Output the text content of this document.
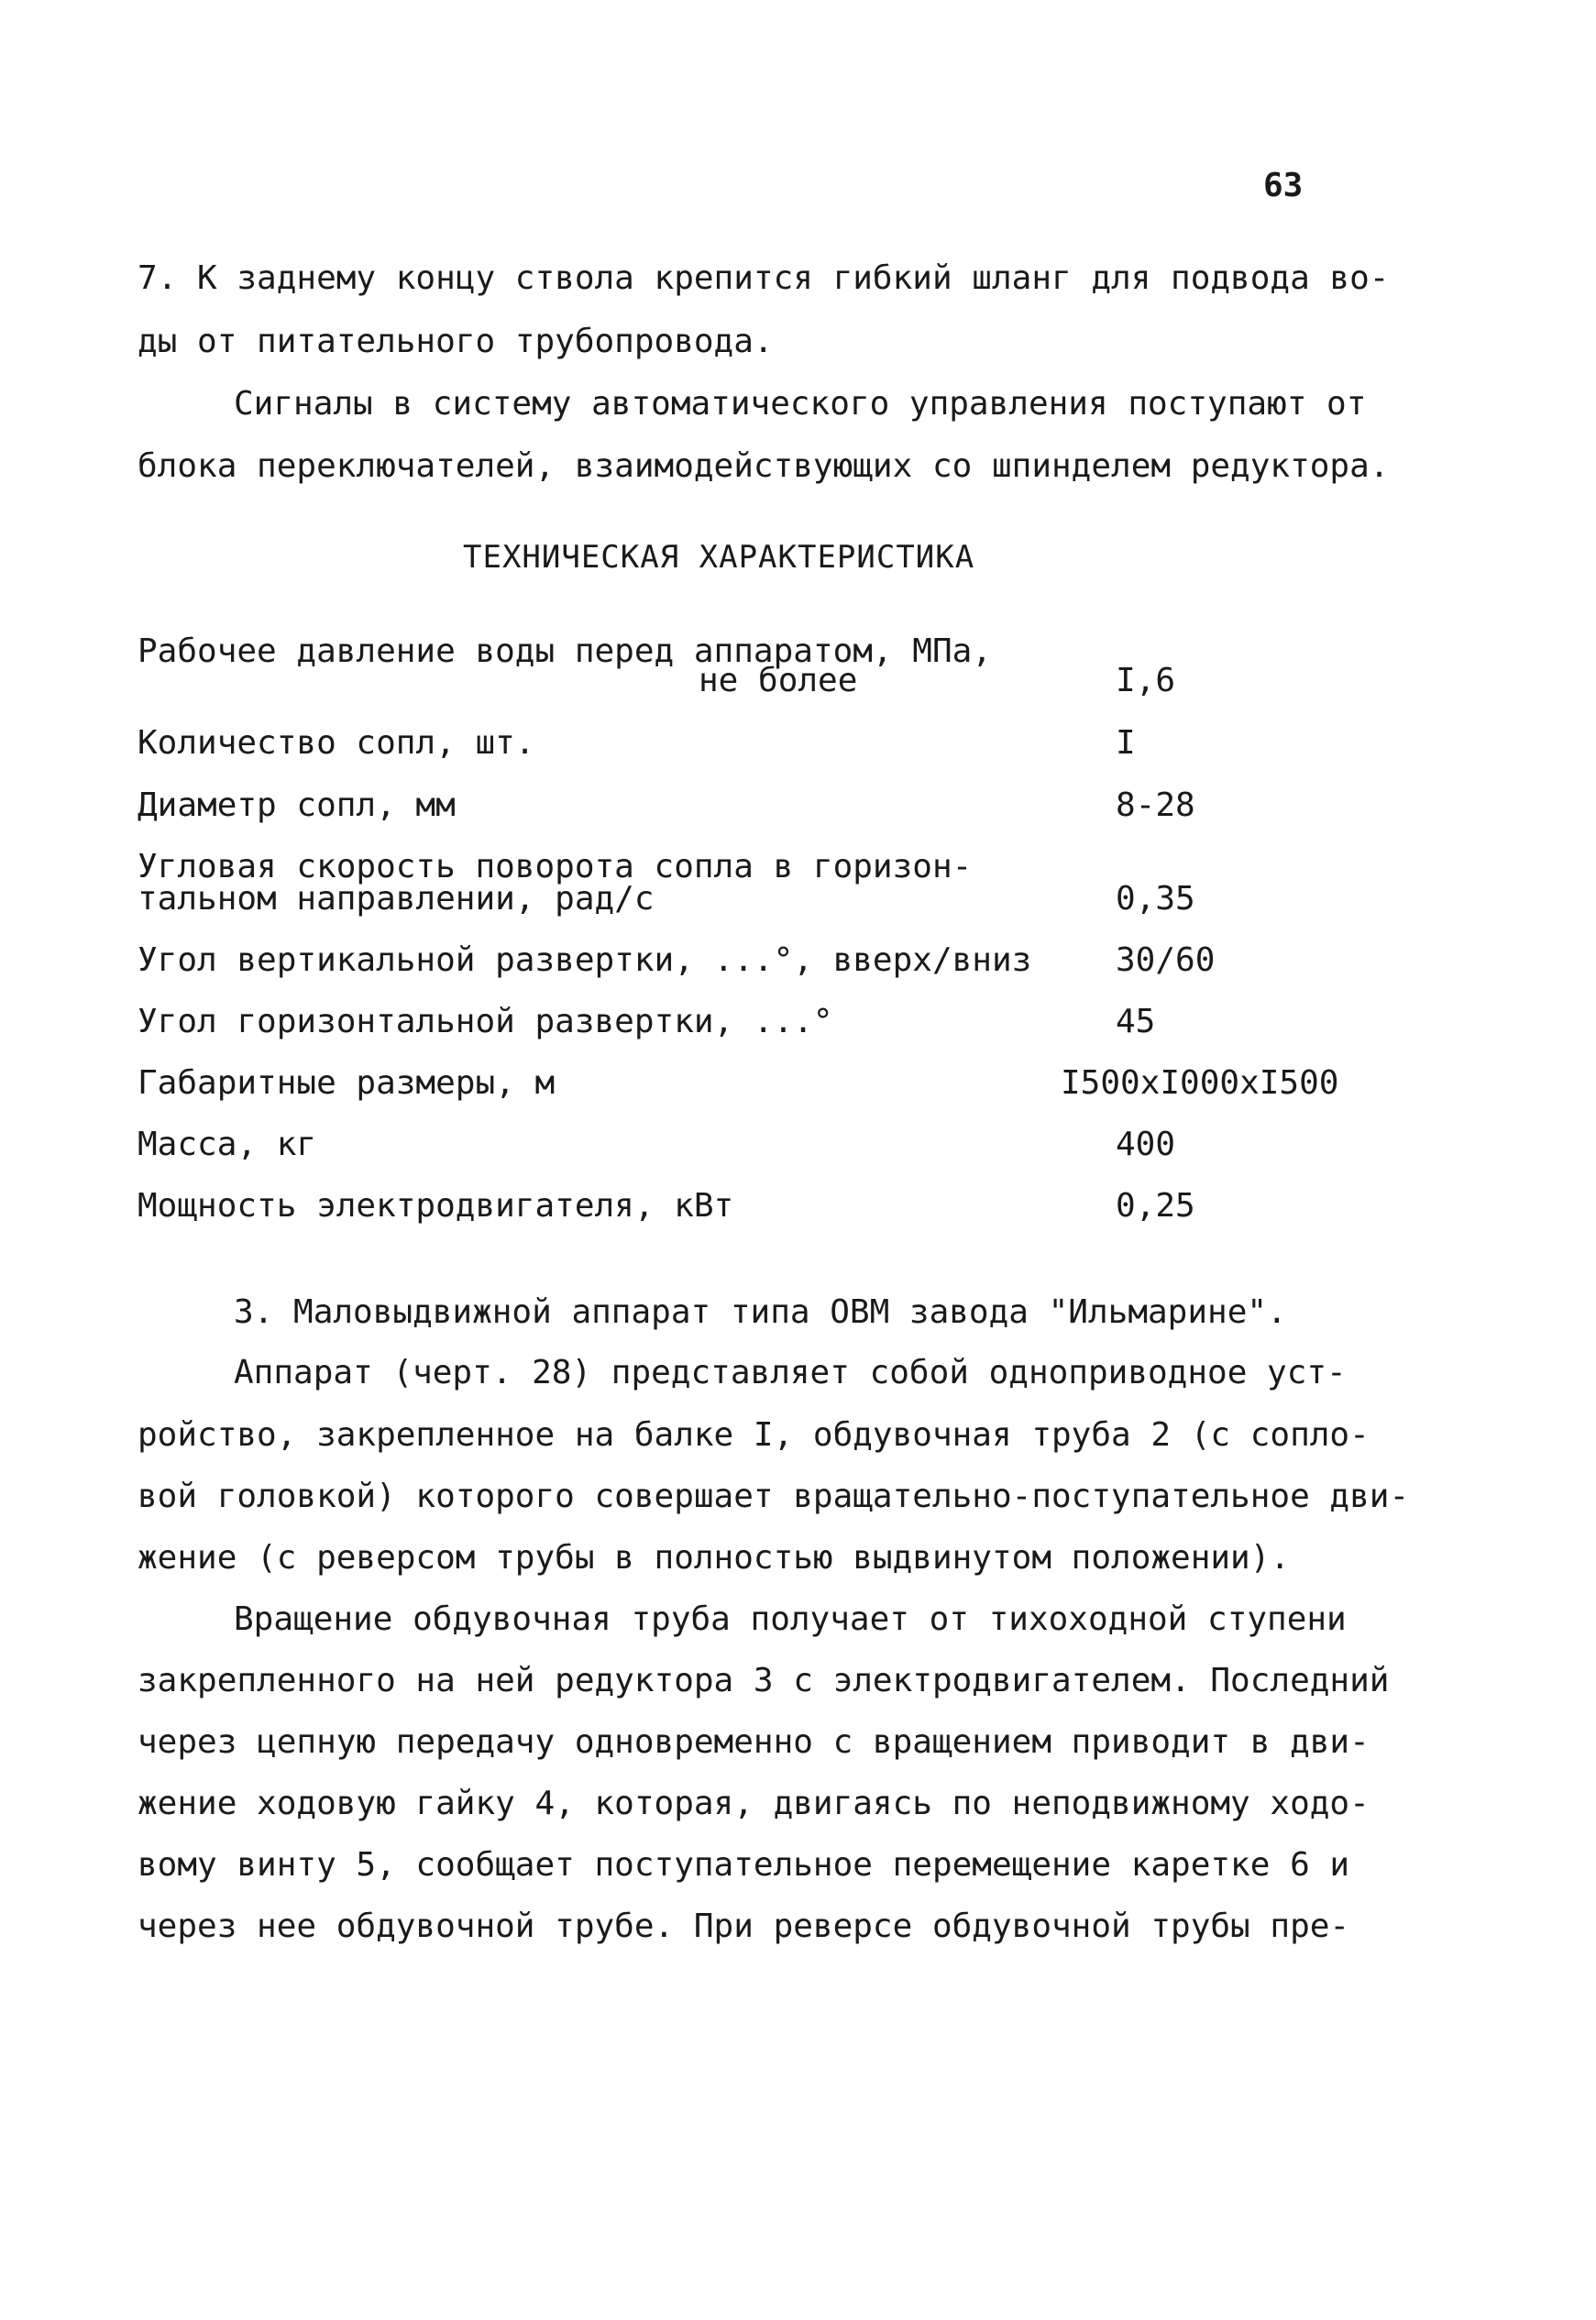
63
7. К заднему концу ствола крепится гибкий шланг для подвода во-
ды от питательного трубопровода.
Сигналы в систему автоматического управления поступают от
блока переключателей, взаимодействующих со шпинделем редуктора.
ТЕХНИЧЕСКАЯ ХАРАКТЕРИСТИКА
Рабочее давление воды перед аппаратом, МПа,
не более	I,6
Количество сопл, шт.	I
Диаметр сопл, мм	8-28
Угловая скорость поворота сопла в горизон-
тальном направлении, рад/с	0,35
Угол вертикальной развертки, ...°, вверх/вниз	30/60
Угол горизонтальной развертки, ...°	45
Габаритные размеры, м	I500xI000xI500
Масса, кг	400
Мощность электродвигателя, кВт	0,25
3. Маловыдвижной аппарат типа ОВМ завода "Ильмарине".
Аппарат (черт. 28) представляет собой одноприводное уст-
ройство, закрепленное на балке I, обдувочная труба 2 (с сопло-
вой головкой) которого совершает вращательно-поступательное дви-
жение (с реверсом трубы в полностью выдвинутом положении).
Вращение обдувочная труба получает от тихоходной ступени
закрепленного на ней редуктора 3 с электродвигателем. Последний
через цепную передачу одновременно с вращением приводит в дви-
жение ходовую гайку 4, которая, двигаясь по неподвижному ходо-
вому винту 5, сообщает поступательное перемещение каретке 6 и
через нее обдувочной трубе. При реверсе обдувочной трубы пре-
